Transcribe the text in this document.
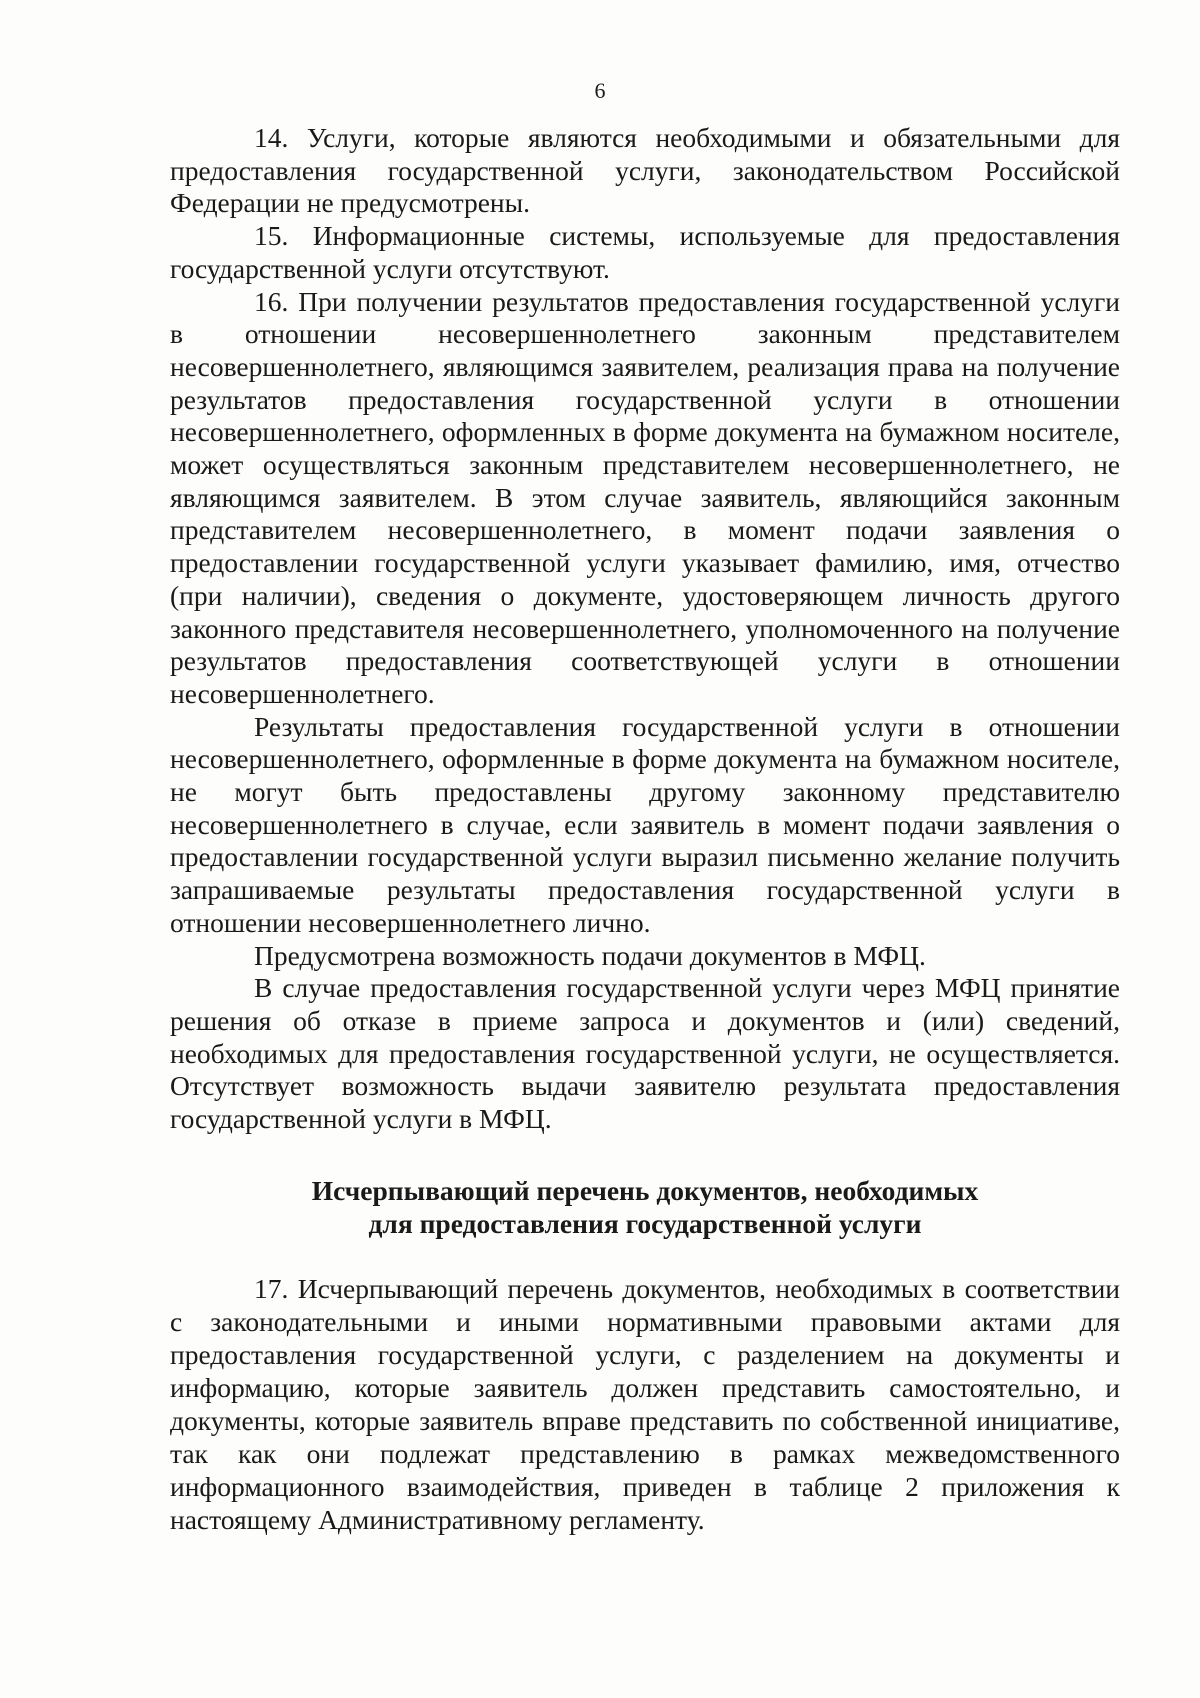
6

14. Услуги, которые являются необходимыми и обязательными для предоставления государственной услуги, законодательством Российской Федерации не предусмотрены.

15. Информационные системы, используемые для предоставления государственной услуги отсутствуют.

16. При получении результатов предоставления государственной услуги в отношении несовершеннолетнего законным представителем несовершеннолетнего, являющимся заявителем, реализация права на получение результатов предоставления государственной услуги в отношении несовершеннолетнего, оформленных в форме документа на бумажном носителе, может осуществляться законным представителем несовершеннолетнего, не являющимся заявителем. В этом случае заявитель, являющийся законным представителем несовершеннолетнего, в момент подачи заявления о предоставлении государственной услуги указывает фамилию, имя, отчество (при наличии), сведения о документе, удостоверяющем личность другого законного представителя несовершеннолетнего, уполномоченного на получение результатов предоставления соответствующей услуги в отношении несовершеннолетнего.

Результаты предоставления государственной услуги в отношении несовершеннолетнего, оформленные в форме документа на бумажном носителе, не могут быть предоставлены другому законному представителю несовершеннолетнего в случае, если заявитель в момент подачи заявления о предоставлении государственной услуги выразил письменно желание получить запрашиваемые результаты предоставления государственной услуги в отношении несовершеннолетнего лично.

Предусмотрена возможность подачи документов в МФЦ.

В случае предоставления государственной услуги через МФЦ принятие решения об отказе в приеме запроса и документов и (или) сведений, необходимых для предоставления государственной услуги, не осуществляется. Отсутствует возможность выдачи заявителю результата предоставления государственной услуги в МФЦ.

Исчерпывающий перечень документов, необходимых
для предоставления государственной услуги

17. Исчерпывающий перечень документов, необходимых в соответствии с законодательными и иными нормативными правовыми актами для предоставления государственной услуги, с разделением на документы и информацию, которые заявитель должен представить самостоятельно, и документы, которые заявитель вправе представить по собственной инициативе, так как они подлежат представлению в рамках межведомственного информационного взаимодействия, приведен в таблице 2 приложения к настоящему Административному регламенту.
